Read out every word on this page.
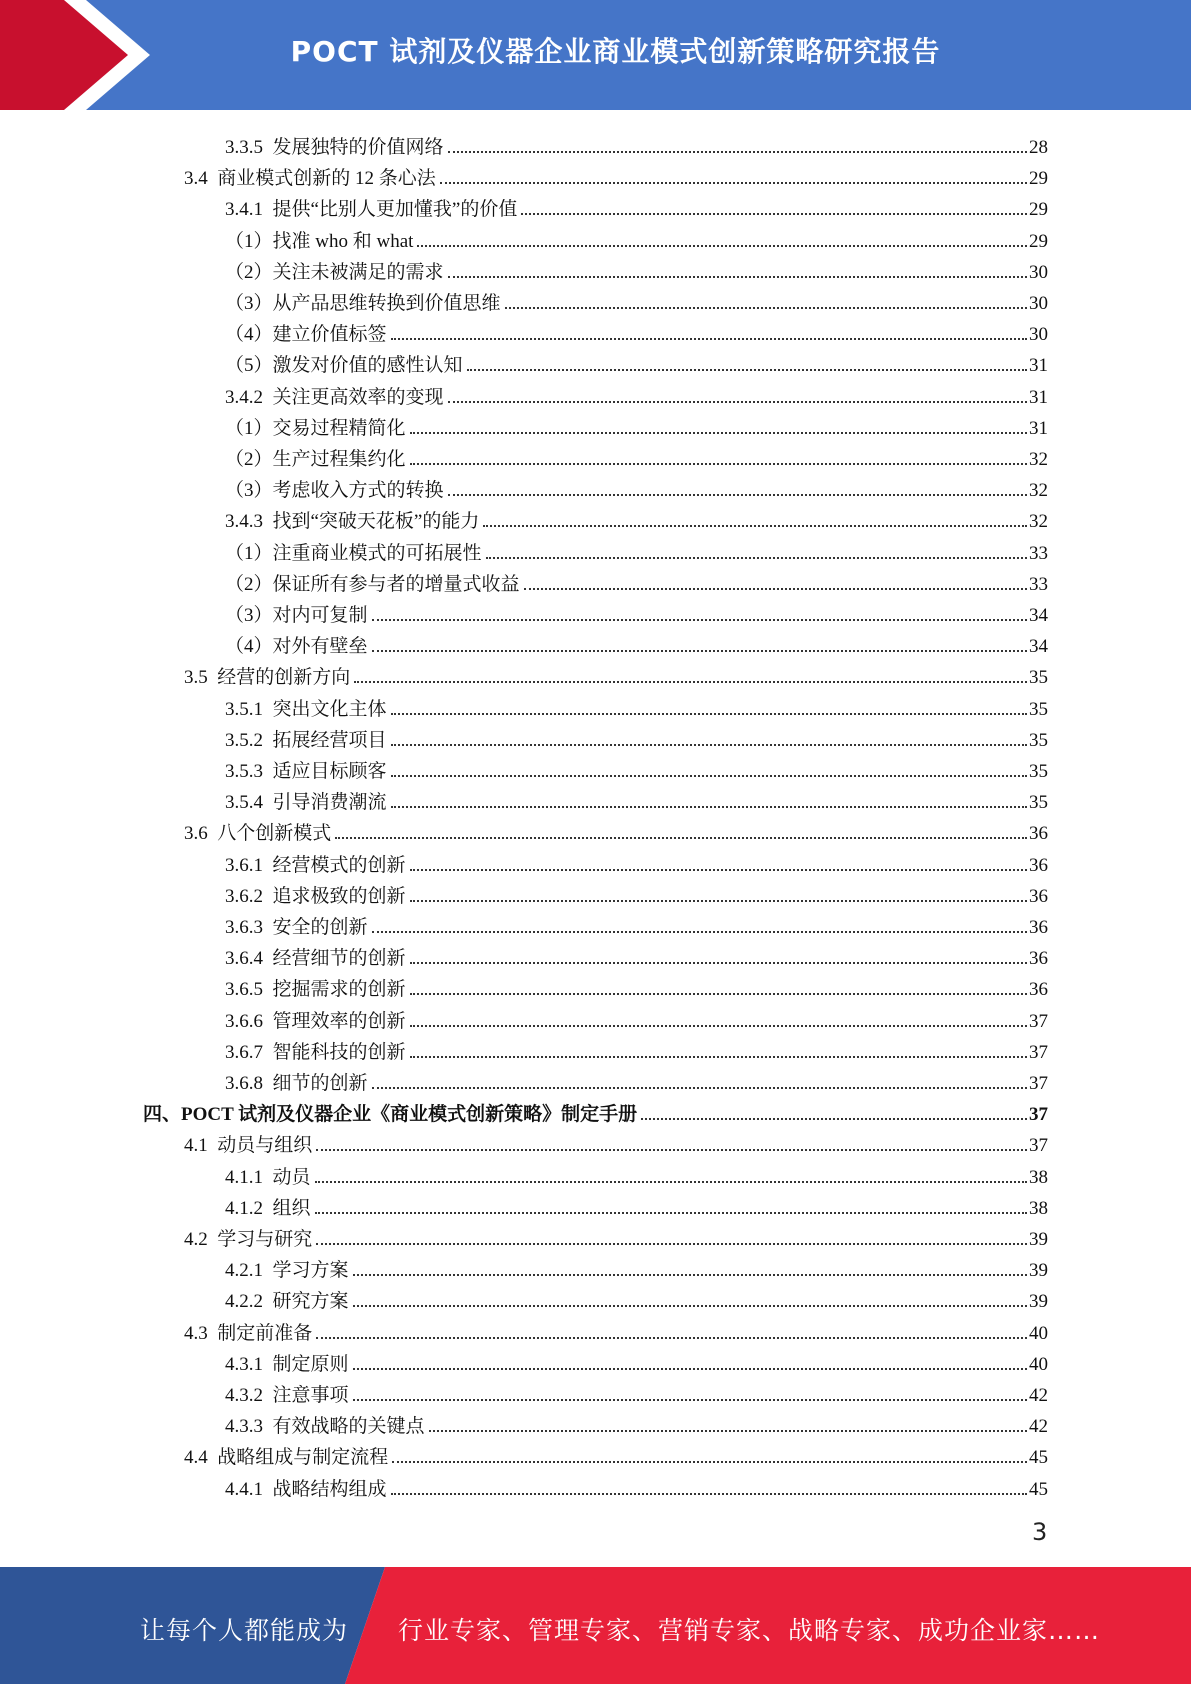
POCT 试剂及仪器企业商业模式创新策略研究报告
3.3.5  发展独特的价值网络	28
3.4  商业模式创新的 12 条心法	29
3.4.1  提供“比别人更加懂我”的价值	29
（1）找准 who 和 what	29
（2）关注未被满足的需求	30
（3）从产品思维转换到价值思维	30
（4）建立价值标签	30
（5）激发对价值的感性认知	31
3.4.2  关注更高效率的变现	31
（1）交易过程精简化	31
（2）生产过程集约化	32
（3）考虑收入方式的转换	32
3.4.3  找到“突破天花板”的能力	32
（1）注重商业模式的可拓展性	33
（2）保证所有参与者的增量式收益	33
（3）对内可复制	34
（4）对外有壁垒	34
3.5  经营的创新方向	35
3.5.1  突出文化主体	35
3.5.2  拓展经营项目	35
3.5.3  适应目标顾客	35
3.5.4  引导消费潮流	35
3.6  八个创新模式	36
3.6.1  经营模式的创新	36
3.6.2  追求极致的创新	36
3.6.3  安全的创新	36
3.6.4  经营细节的创新	36
3.6.5  挖掘需求的创新	36
3.6.6  管理效率的创新	37
3.6.7  智能科技的创新	37
3.6.8  细节的创新	37
四、POCT 试剂及仪器企业《商业模式创新策略》制定手册	37
4.1  动员与组织	37
4.1.1  动员	38
4.1.2  组织	38
4.2  学习与研究	39
4.2.1  学习方案	39
4.2.2  研究方案	39
4.3  制定前准备	40
4.3.1  制定原则	40
4.3.2  注意事项	42
4.3.3  有效战略的关键点	42
4.4  战略组成与制定流程	45
4.4.1  战略结构组成	45
3
让每个人都能成为 行业专家、管理专家、营销专家、战略专家、成功企业家……
